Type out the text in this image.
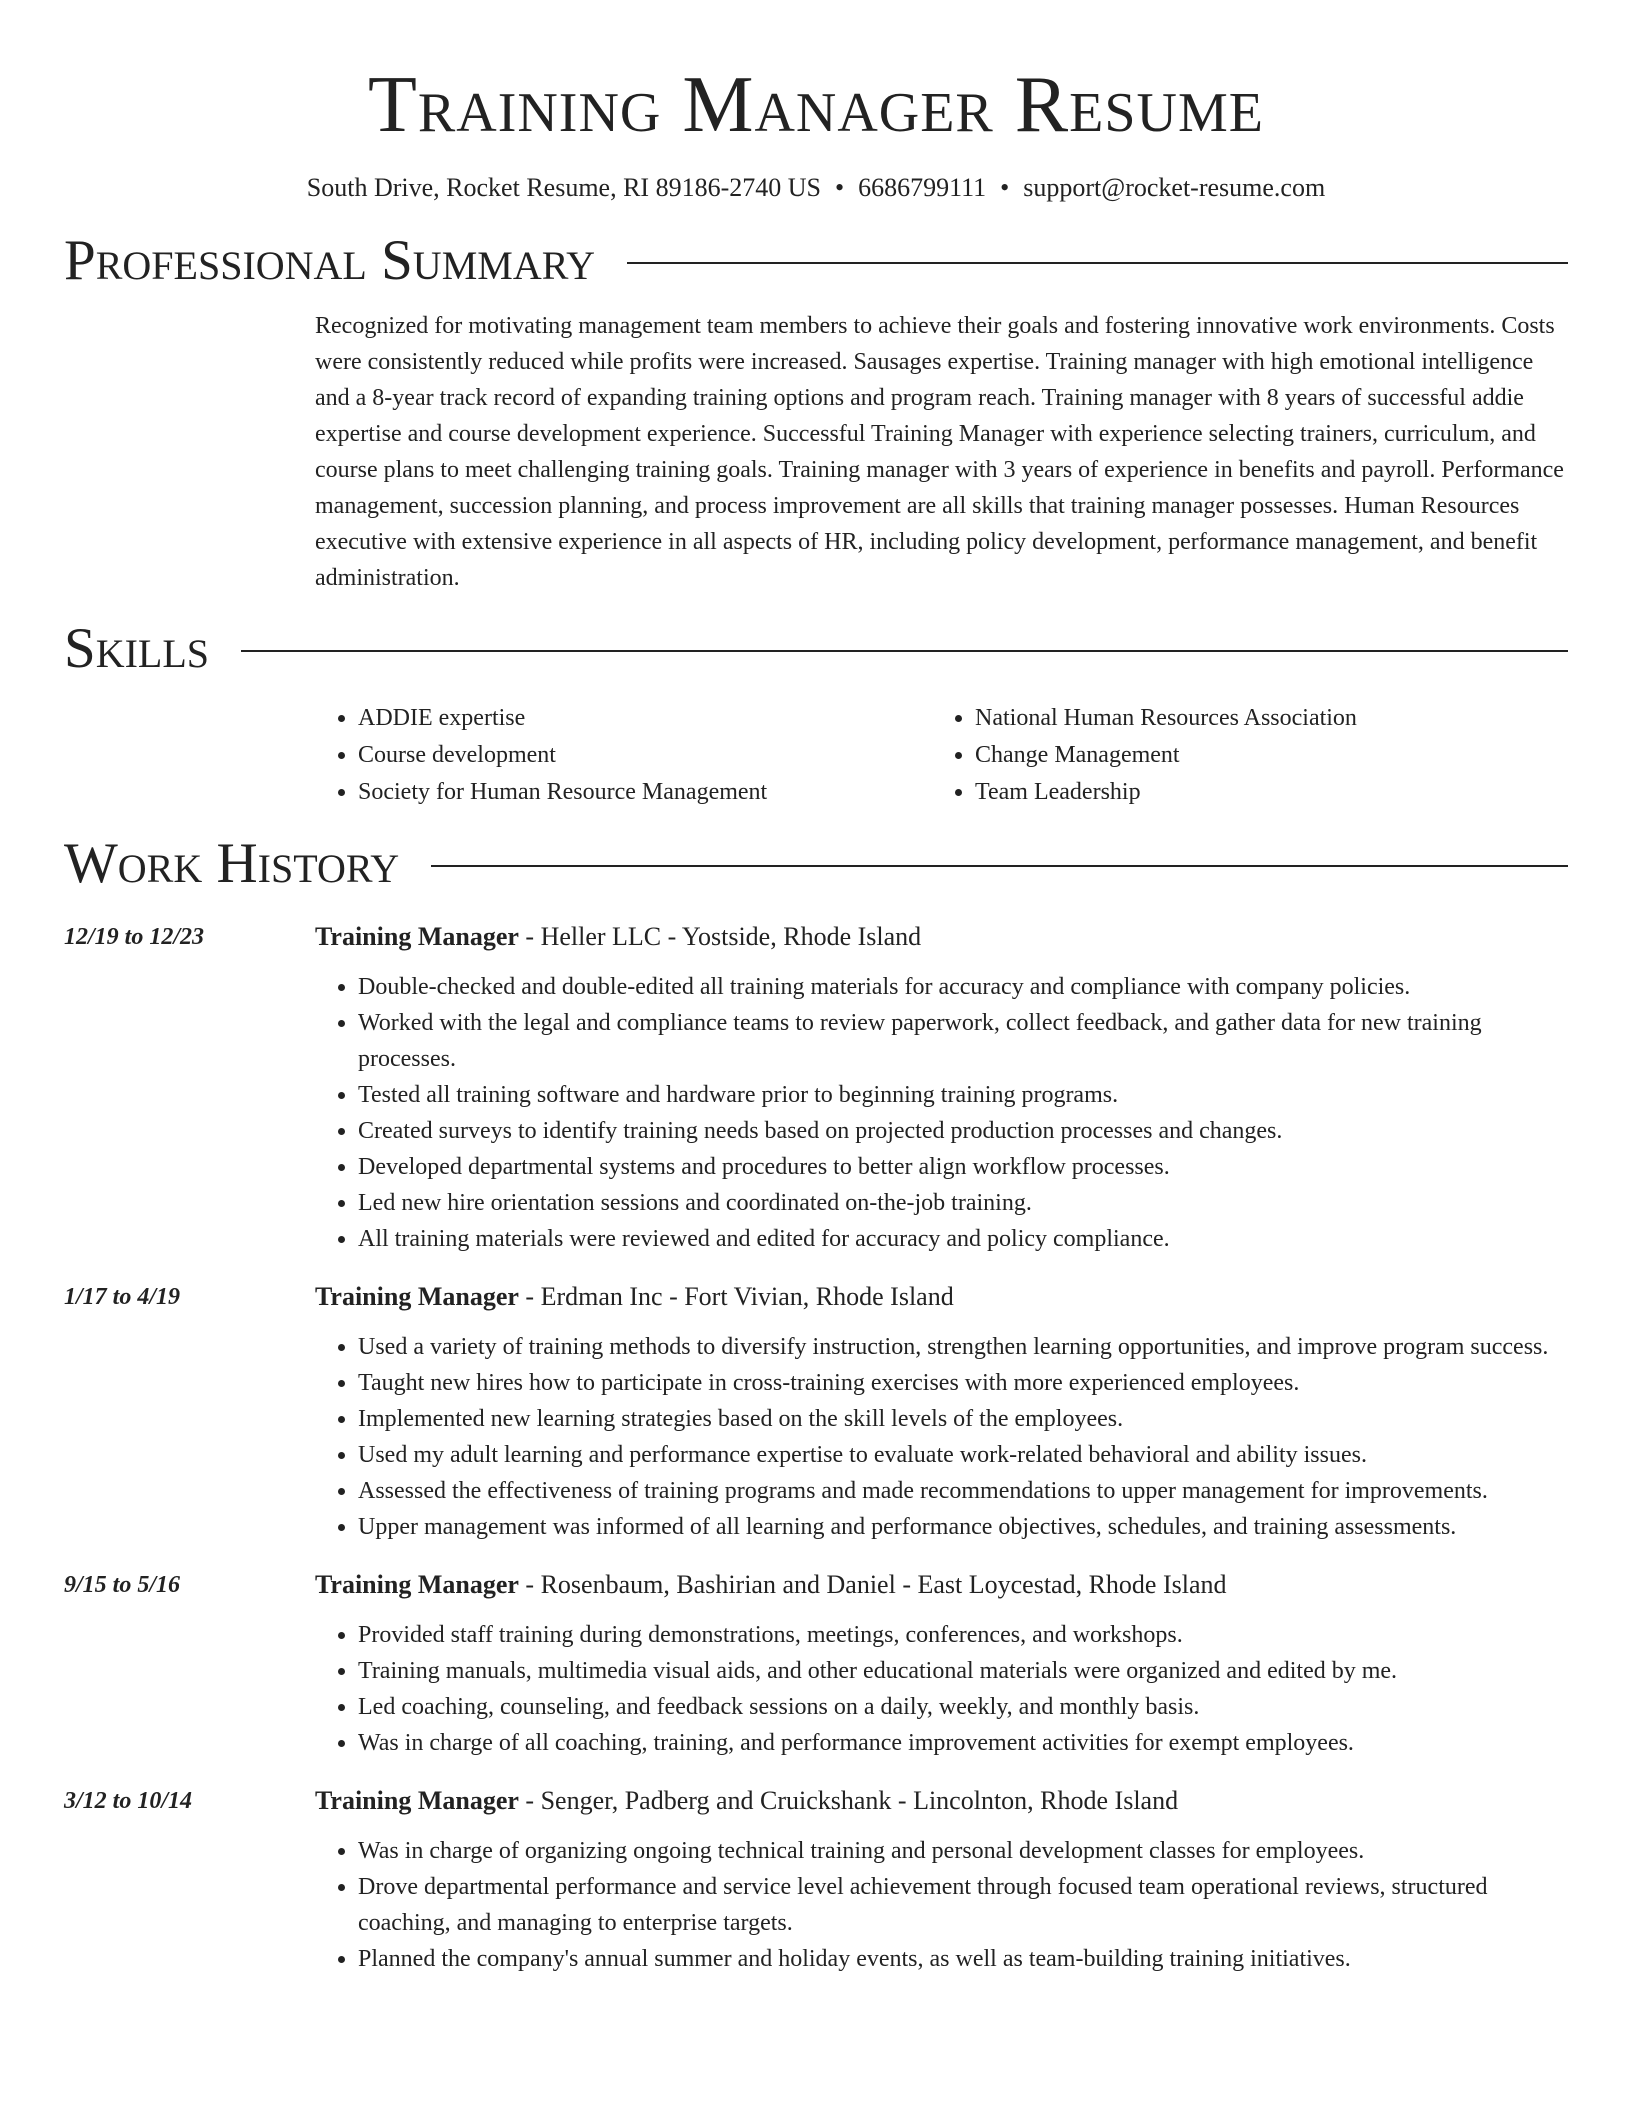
Training Manager Resume
South Drive, Rocket Resume, RI 89186-2740 US • 6686799111 • support@rocket-resume.com
Professional Summary
Recognized for motivating management team members to achieve their goals and fostering innovative work environments. Costs were consistently reduced while profits were increased. Sausages expertise. Training manager with high emotional intelligence and a 8-year track record of expanding training options and program reach. Training manager with 8 years of successful addie expertise and course development experience. Successful Training Manager with experience selecting trainers, curriculum, and course plans to meet challenging training goals. Training manager with 3 years of experience in benefits and payroll. Performance management, succession planning, and process improvement are all skills that training manager possesses. Human Resources executive with extensive experience in all aspects of HR, including policy development, performance management, and benefit administration.
Skills
• ADDIE expertise
• Course development
• Society for Human Resource Management
• National Human Resources Association
• Change Management
• Team Leadership
Work History
12/19 to 12/23	Training Manager - Heller LLC - Yostside, Rhode Island
• Double-checked and double-edited all training materials for accuracy and compliance with company policies.
• Worked with the legal and compliance teams to review paperwork, collect feedback, and gather data for new training processes.
• Tested all training software and hardware prior to beginning training programs.
• Created surveys to identify training needs based on projected production processes and changes.
• Developed departmental systems and procedures to better align workflow processes.
• Led new hire orientation sessions and coordinated on-the-job training.
• All training materials were reviewed and edited for accuracy and policy compliance.
1/17 to 4/19	Training Manager - Erdman Inc - Fort Vivian, Rhode Island
• Used a variety of training methods to diversify instruction, strengthen learning opportunities, and improve program success.
• Taught new hires how to participate in cross-training exercises with more experienced employees.
• Implemented new learning strategies based on the skill levels of the employees.
• Used my adult learning and performance expertise to evaluate work-related behavioral and ability issues.
• Assessed the effectiveness of training programs and made recommendations to upper management for improvements.
• Upper management was informed of all learning and performance objectives, schedules, and training assessments.
9/15 to 5/16	Training Manager - Rosenbaum, Bashirian and Daniel - East Loycestad, Rhode Island
• Provided staff training during demonstrations, meetings, conferences, and workshops.
• Training manuals, multimedia visual aids, and other educational materials were organized and edited by me.
• Led coaching, counseling, and feedback sessions on a daily, weekly, and monthly basis.
• Was in charge of all coaching, training, and performance improvement activities for exempt employees.
3/12 to 10/14	Training Manager - Senger, Padberg and Cruickshank - Lincolnton, Rhode Island
• Was in charge of organizing ongoing technical training and personal development classes for employees.
• Drove departmental performance and service level achievement through focused team operational reviews, structured coaching, and managing to enterprise targets.
• Planned the company's annual summer and holiday events, as well as team-building training initiatives.
